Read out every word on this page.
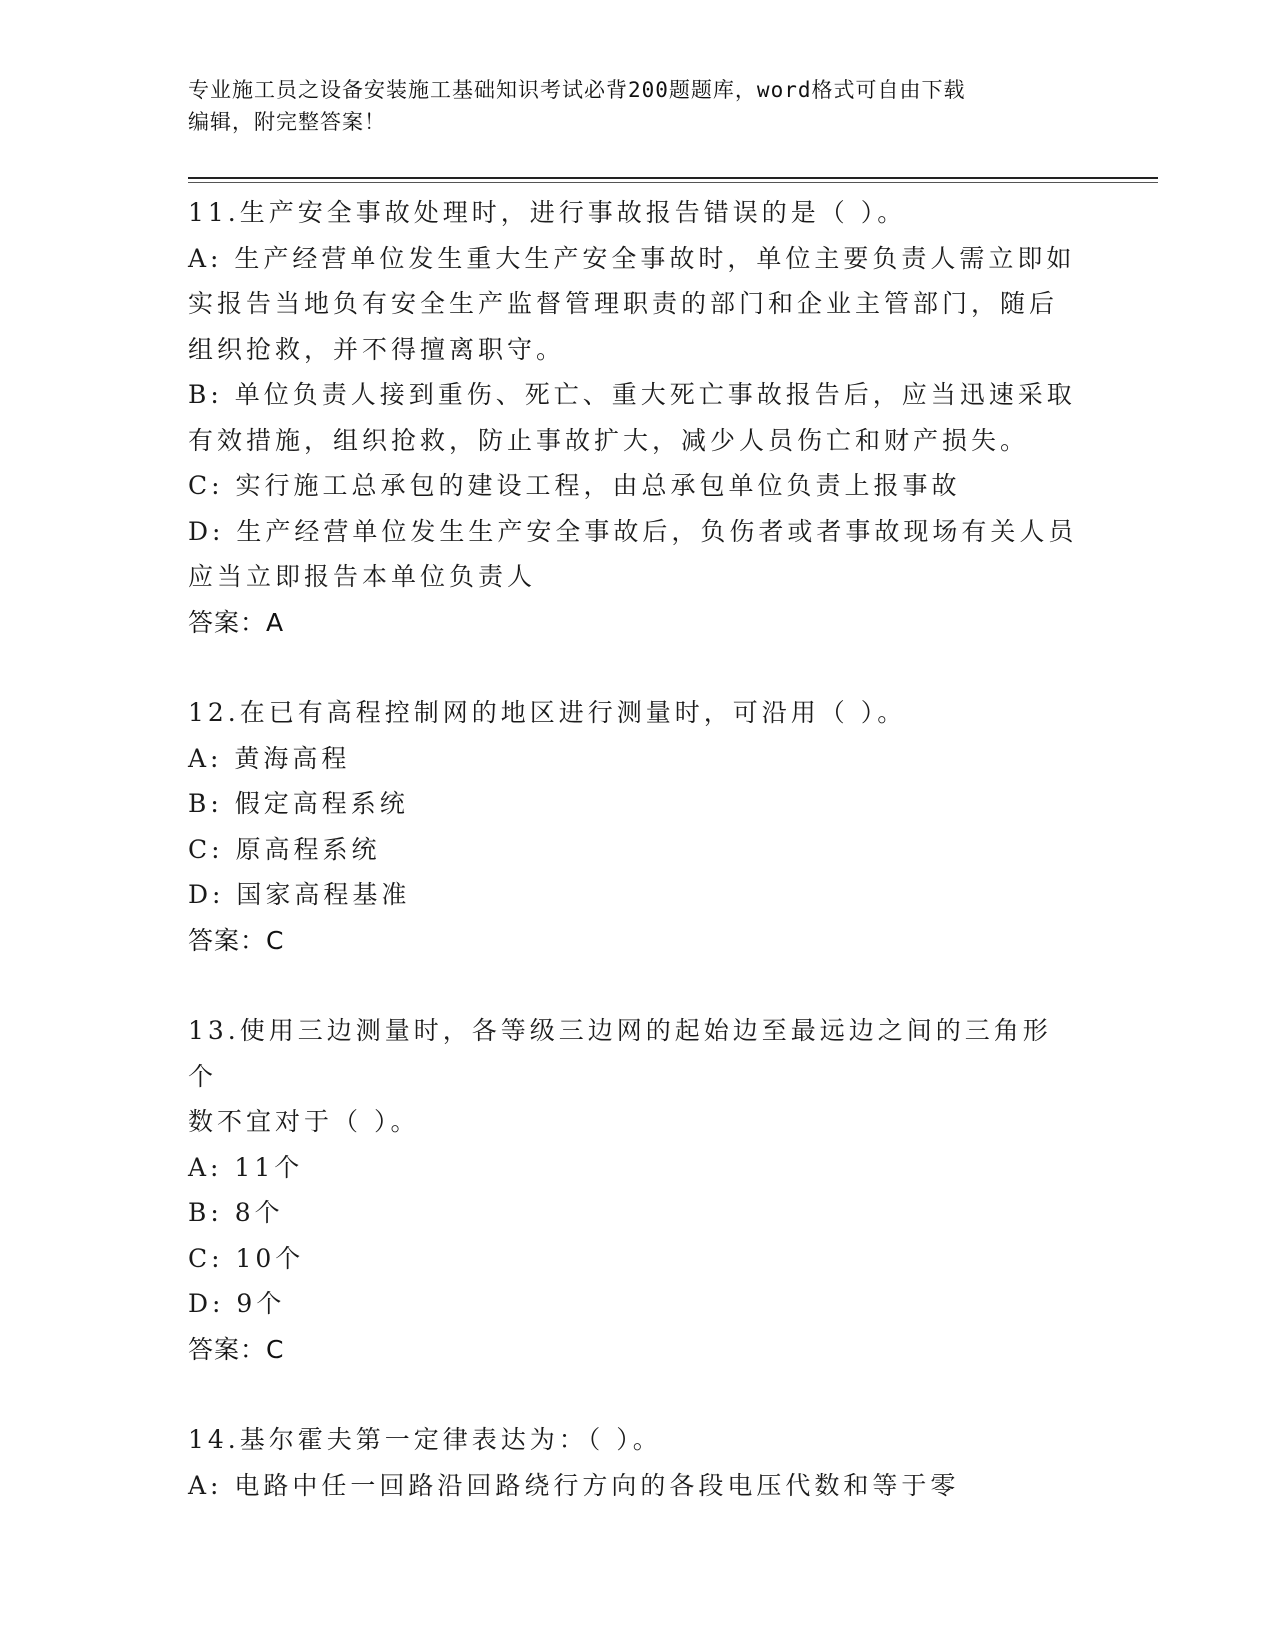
专业施工员之设备安装施工基础知识考试必背200题题库，word格式可自由下载
编辑，附完整答案！
11.生产安全事故处理时，进行事故报告错误的是（ ）。
A: 生产经营单位发生重大生产安全事故时，单位主要负责人需立即如
实报告当地负有安全生产监督管理职责的部门和企业主管部门，随后
组织抢救，并不得擅离职守。
B: 单位负责人接到重伤、死亡、重大死亡事故报告后，应当迅速采取
有效措施，组织抢救，防止事故扩大，减少人员伤亡和财产损失。
C: 实行施工总承包的建设工程，由总承包单位负责上报事故
D: 生产经营单位发生生产安全事故后，负伤者或者事故现场有关人员
应当立即报告本单位负责人
答案：A
12.在已有高程控制网的地区进行测量时，可沿用（ ）。
A: 黄海高程
B: 假定高程系统
C: 原高程系统
D: 国家高程基准
答案：C
13.使用三边测量时，各等级三边网的起始边至最远边之间的三角形个
数不宜对于（ ）。
A: 11个
B: 8个
C: 10个
D: 9个
答案：C
14.基尔霍夫第一定律表达为：（ ）。
A: 电路中任一回路沿回路绕行方向的各段电压代数和等于零
